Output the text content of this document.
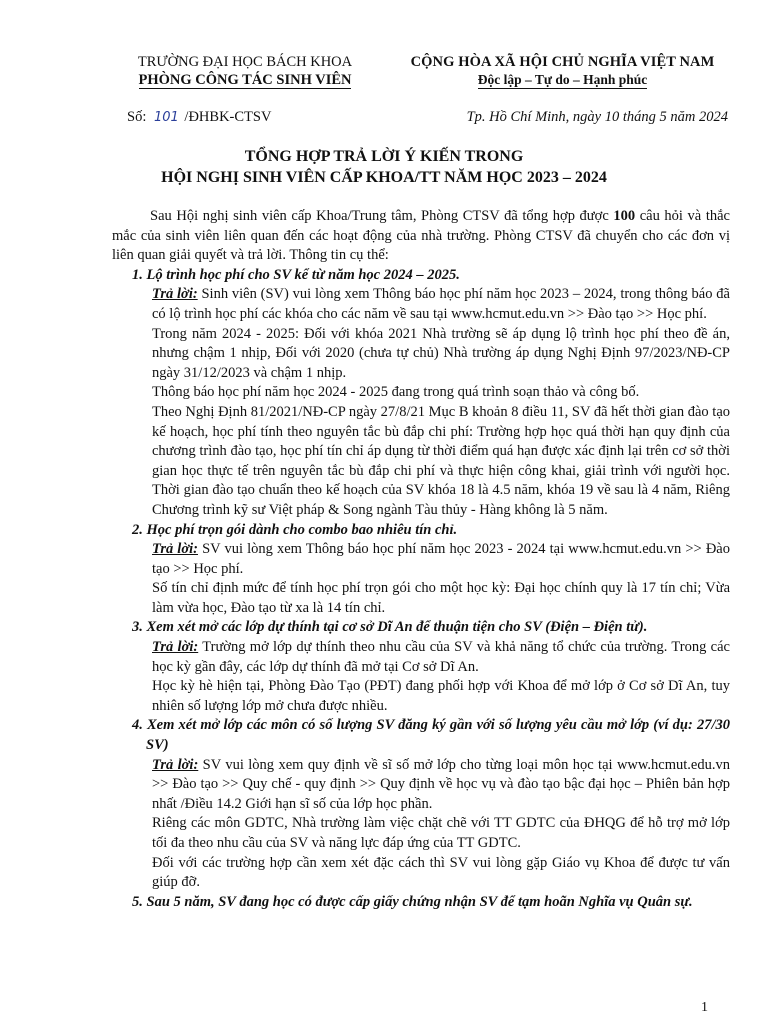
TRƯỜNG ĐẠI HỌC BÁCH KHOA
PHÒNG CÔNG TÁC SINH VIÊN
CỘNG HÒA XÃ HỘI CHỦ NGHĨA VIỆT NAM
Độc lập – Tự do – Hạnh phúc
Số: 101 /ĐHBK-CTSV	Tp. Hồ Chí Minh, ngày 10 tháng 5 năm 2024
TỔNG HỢP TRẢ LỜI Ý KIẾN TRONG
HỘI NGHỊ SINH VIÊN CẤP KHOA/TT NĂM HỌC 2023 – 2024

Sau Hội nghị sinh viên cấp Khoa/Trung tâm, Phòng CTSV đã tổng hợp được 100 câu hỏi và thắc mắc của sinh viên liên quan đến các hoạt động của nhà trường. Phòng CTSV đã chuyển cho các đơn vị liên quan giải quyết và trả lời. Thông tin cụ thể:

1. Lộ trình học phí cho SV kể từ năm học 2024 – 2025.

Trả lời: Sinh viên (SV) vui lòng xem Thông báo học phí năm học 2023 – 2024, trong thông báo đã có lộ trình học phí các khóa cho các năm về sau tại www.hcmut.edu.vn >> Đào tạo >> Học phí.

Trong năm 2024 - 2025: Đối với khóa 2021 Nhà trường sẽ áp dụng lộ trình học phí theo đề án, nhưng chậm 1 nhịp, Đối với 2020 (chưa tự chủ) Nhà trường áp dụng Nghị Định 97/2023/NĐ-CP ngày 31/12/2023 và chậm 1 nhịp.

Thông báo học phí năm học 2024 - 2025 đang trong quá trình soạn thảo và công bố.

Theo Nghị Định 81/2021/NĐ-CP ngày 27/8/21 Mục B khoản 8 điều 11, SV đã hết thời gian đào tạo kế hoạch, học phí tính theo nguyên tắc bù đắp chi phí: Trường hợp học quá thời hạn quy định của chương trình đào tạo, học phí tín chỉ áp dụng từ thời điểm quá hạn được xác định lại trên cơ sở thời gian học thực tế trên nguyên tắc bù đắp chi phí và thực hiện công khai, giải trình với người học. Thời gian đào tạo chuẩn theo kế hoạch của SV khóa 18 là 4.5 năm, khóa 19 về sau là 4 năm, Riêng Chương trình kỹ sư Việt pháp & Song ngành Tàu thủy - Hàng không là 5 năm.

2. Học phí trọn gói dành cho combo bao nhiêu tín chỉ.

Trả lời: SV vui lòng xem Thông báo học phí năm học 2023 - 2024 tại www.hcmut.edu.vn >> Đào tạo >> Học phí.

Số tín chỉ định mức để tính học phí trọn gói cho một học kỳ: Đại học chính quy là 17 tín chỉ; Vừa làm vừa học, Đào tạo từ xa là 14 tín chỉ.

3. Xem xét mở các lớp dự thính tại cơ sở Dĩ An để thuận tiện cho SV (Điện – Điện tử).

Trả lời: Trường mở lớp dự thính theo nhu cầu của SV và khả năng tổ chức của trường. Trong các học kỳ gần đây, các lớp dự thính đã mở tại Cơ sở Dĩ An.

Học kỳ hè hiện tại, Phòng Đào Tạo (PĐT) đang phối hợp với Khoa để mở lớp ở Cơ sở Dĩ An, tuy nhiên số lượng lớp mở chưa được nhiều.

4. Xem xét mở lớp các môn có số lượng SV đăng ký gần với số lượng yêu cầu mở lớp (ví dụ: 27/30 SV)

Trả lời: SV vui lòng xem quy định về sĩ số mở lớp cho từng loại môn học tại www.hcmut.edu.vn >> Đào tạo >> Quy chế - quy định >> Quy định về học vụ và đào tạo bậc đại học – Phiên bản hợp nhất /Điều 14.2 Giới hạn sĩ số của lớp học phần.

Riêng các môn GDTC, Nhà trường làm việc chặt chẽ với TT GDTC của ĐHQG để hỗ trợ mở lớp tối đa theo nhu cầu của SV và năng lực đáp ứng của TT GDTC.

Đối với các trường hợp cần xem xét đặc cách thì SV vui lòng gặp Giáo vụ Khoa để được tư vấn giúp đỡ.

5. Sau 5 năm, SV đang học có được cấp giấy chứng nhận SV để tạm hoãn Nghĩa vụ Quân sự.

1
